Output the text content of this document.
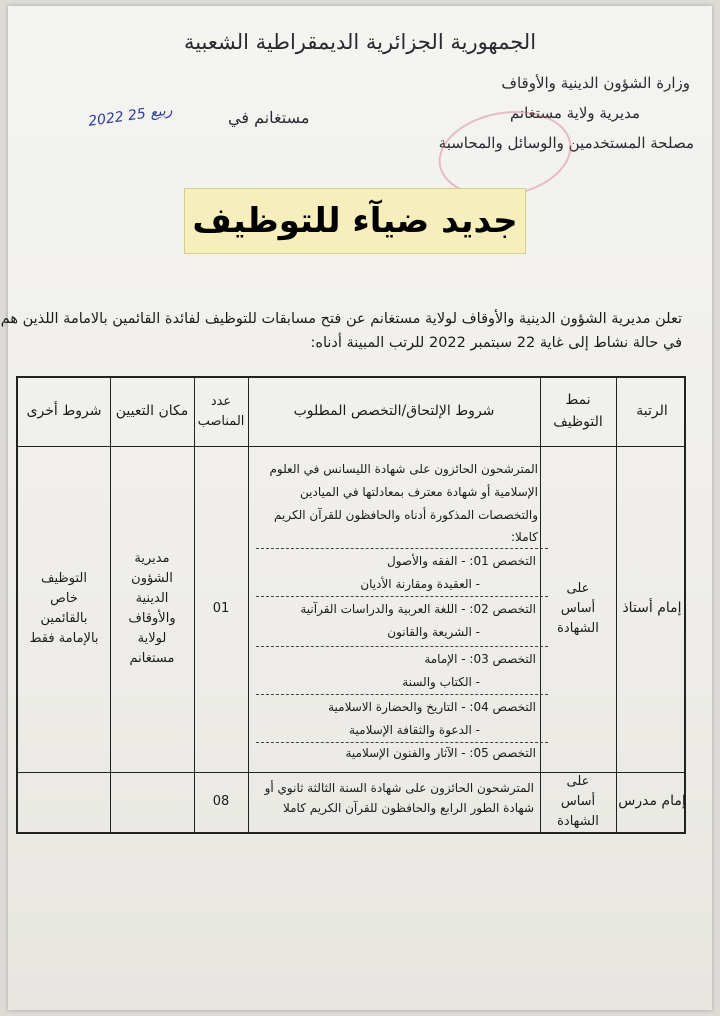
الجمهورية الجزائرية الديمقراطية الشعبية
وزارة الشؤون الدينية والأوقاف
مديرية ولاية مستغانم
مصلحة المستخدمين والوسائل والمحاسبة
مستغانم في
2022 25 ربيع
جديد ضيآء للتوظيف
تعلن مديرية الشؤون الدينية والأوقاف لولاية مستغانم عن فتح مسابقات للتوظيف لفائدة القائمين بالامامة اللذين هم
في حالة نشاط إلى غاية 22 سبتمبر 2022 للرتب المبينة أدناه:
الرتبة
نمط التوظيف
شروط الإلتحاق/التخصص المطلوب
عدد المناصب
مكان التعيين
شروط أخرى
إمام أستاذ
على أساس الشهادة
01
مديرية الشؤون الدينية والأوقاف لولاية مستغانم
التوظيف خاص بالقائمين بالإمامة فقط
المترشحون الحائزون على شهادة الليسانس في العلوم
الإسلامية أو شهادة معترف بمعادلتها في الميادين
والتخصصات المذكورة أدناه والحافظون للقرآن الكريم كاملا:
التخصص 01: - الفقه والأصول
- العقيدة ومقارنة الأديان
التخصص 02: - اللغة العربية والدراسات القرآنية
- الشريعة والقانون
التخصص 03: - الإمامة
- الكتاب والسنة
التخصص 04: - التاريخ والحضارة الاسلامية
- الدعوة والثقافة الإسلامية
التخصص 05: - الآثار والفنون الإسلامية
إمام مدرس
على أساس الشهادة
08
المترشحون الحائزون على شهادة السنة الثالثة ثانوي أو
شهادة الطور الرابع والحافظون للقرآن الكريم كاملا
